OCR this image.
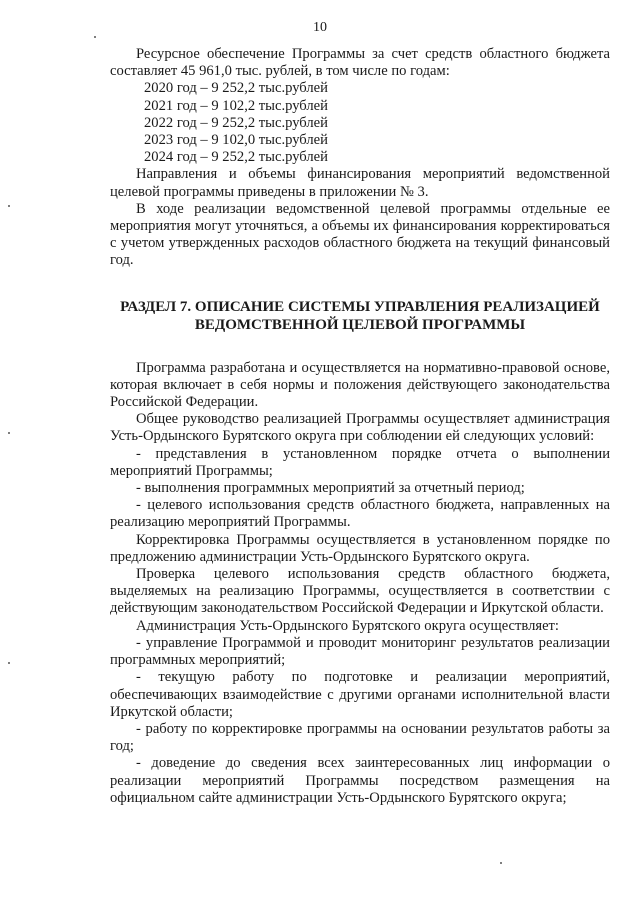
10

Ресурсное обеспечение Программы за счет средств областного бюджета составляет 45 961,0 тыс. рублей, в том числе по годам:

2020 год – 9 252,2 тыс.рублей

2021 год – 9 102,2 тыс.рублей

2022 год – 9 252,2 тыс.рублей

2023 год – 9 102,0 тыс.рублей

2024 год – 9 252,2 тыс.рублей

Направления и объемы финансирования мероприятий ведомственной целевой программы приведены в приложении № 3.

В ходе реализации ведомственной целевой программы отдельные ее мероприятия могут уточняться, а объемы их финансирования корректироваться с учетом утвержденных расходов областного бюджета на текущий финансовый год.

РАЗДЕЛ 7. ОПИСАНИЕ СИСТЕМЫ УПРАВЛЕНИЯ РЕАЛИЗАЦИЕЙ
ВЕДОМСТВЕННОЙ ЦЕЛЕВОЙ ПРОГРАММЫ

Программа разработана и осуществляется на нормативно-правовой основе, которая включает в себя нормы и положения действующего законодательства Российской Федерации.

Общее руководство реализацией Программы осуществляет администрация Усть-Ордынского Бурятского округа при соблюдении ей следующих условий:

- представления в установленном порядке отчета о выполнении мероприятий Программы;

- выполнения программных мероприятий за отчетный период;

- целевого использования средств областного бюджета, направленных на реализацию мероприятий Программы.

Корректировка Программы осуществляется в установленном порядке по предложению администрации Усть-Ордынского Бурятского округа.

Проверка целевого использования средств областного бюджета, выделяемых на реализацию Программы, осуществляется в соответствии с действующим законодательством Российской Федерации и Иркутской области.

Администрация Усть-Ордынского Бурятского округа осуществляет:

- управление Программой и проводит мониторинг результатов реализации программных мероприятий;

- текущую работу по подготовке и реализации мероприятий, обеспечивающих взаимодействие с другими органами исполнительной власти Иркутской области;

- работу по корректировке программы на основании результатов работы за год;

- доведение до сведения всех заинтересованных лиц информации о реализации мероприятий Программы посредством размещения на официальном сайте администрации Усть-Ордынского Бурятского округа;
